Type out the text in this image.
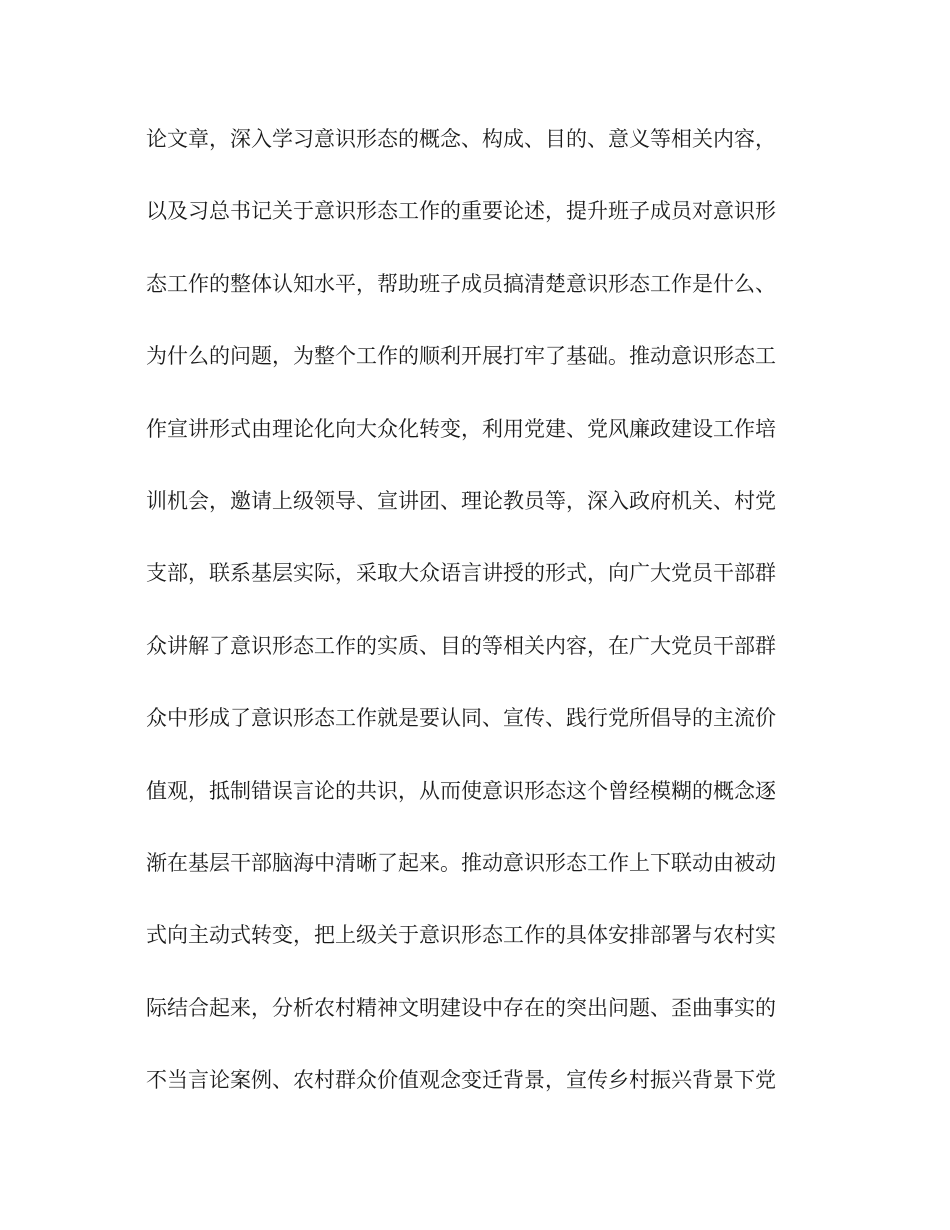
论文章，深入学习意识形态的概念、构成、目的、意义等相关内容，
以及习总书记关于意识形态工作的重要论述，提升班子成员对意识形
态工作的整体认知水平，帮助班子成员搞清楚意识形态工作是什么、
为什么的问题，为整个工作的顺利开展打牢了基础。推动意识形态工
作宣讲形式由理论化向大众化转变，利用党建、党风廉政建设工作培
训机会，邀请上级领导、宣讲团、理论教员等，深入政府机关、村党
支部，联系基层实际，采取大众语言讲授的形式，向广大党员干部群
众讲解了意识形态工作的实质、目的等相关内容，在广大党员干部群
众中形成了意识形态工作就是要认同、宣传、践行党所倡导的主流价
值观，抵制错误言论的共识，从而使意识形态这个曾经模糊的概念逐
渐在基层干部脑海中清晰了起来。推动意识形态工作上下联动由被动
式向主动式转变，把上级关于意识形态工作的具体安排部署与农村实
际结合起来，分析农村精神文明建设中存在的突出问题、歪曲事实的
不当言论案例、农村群众价值观念变迁背景，宣传乡村振兴背景下党
